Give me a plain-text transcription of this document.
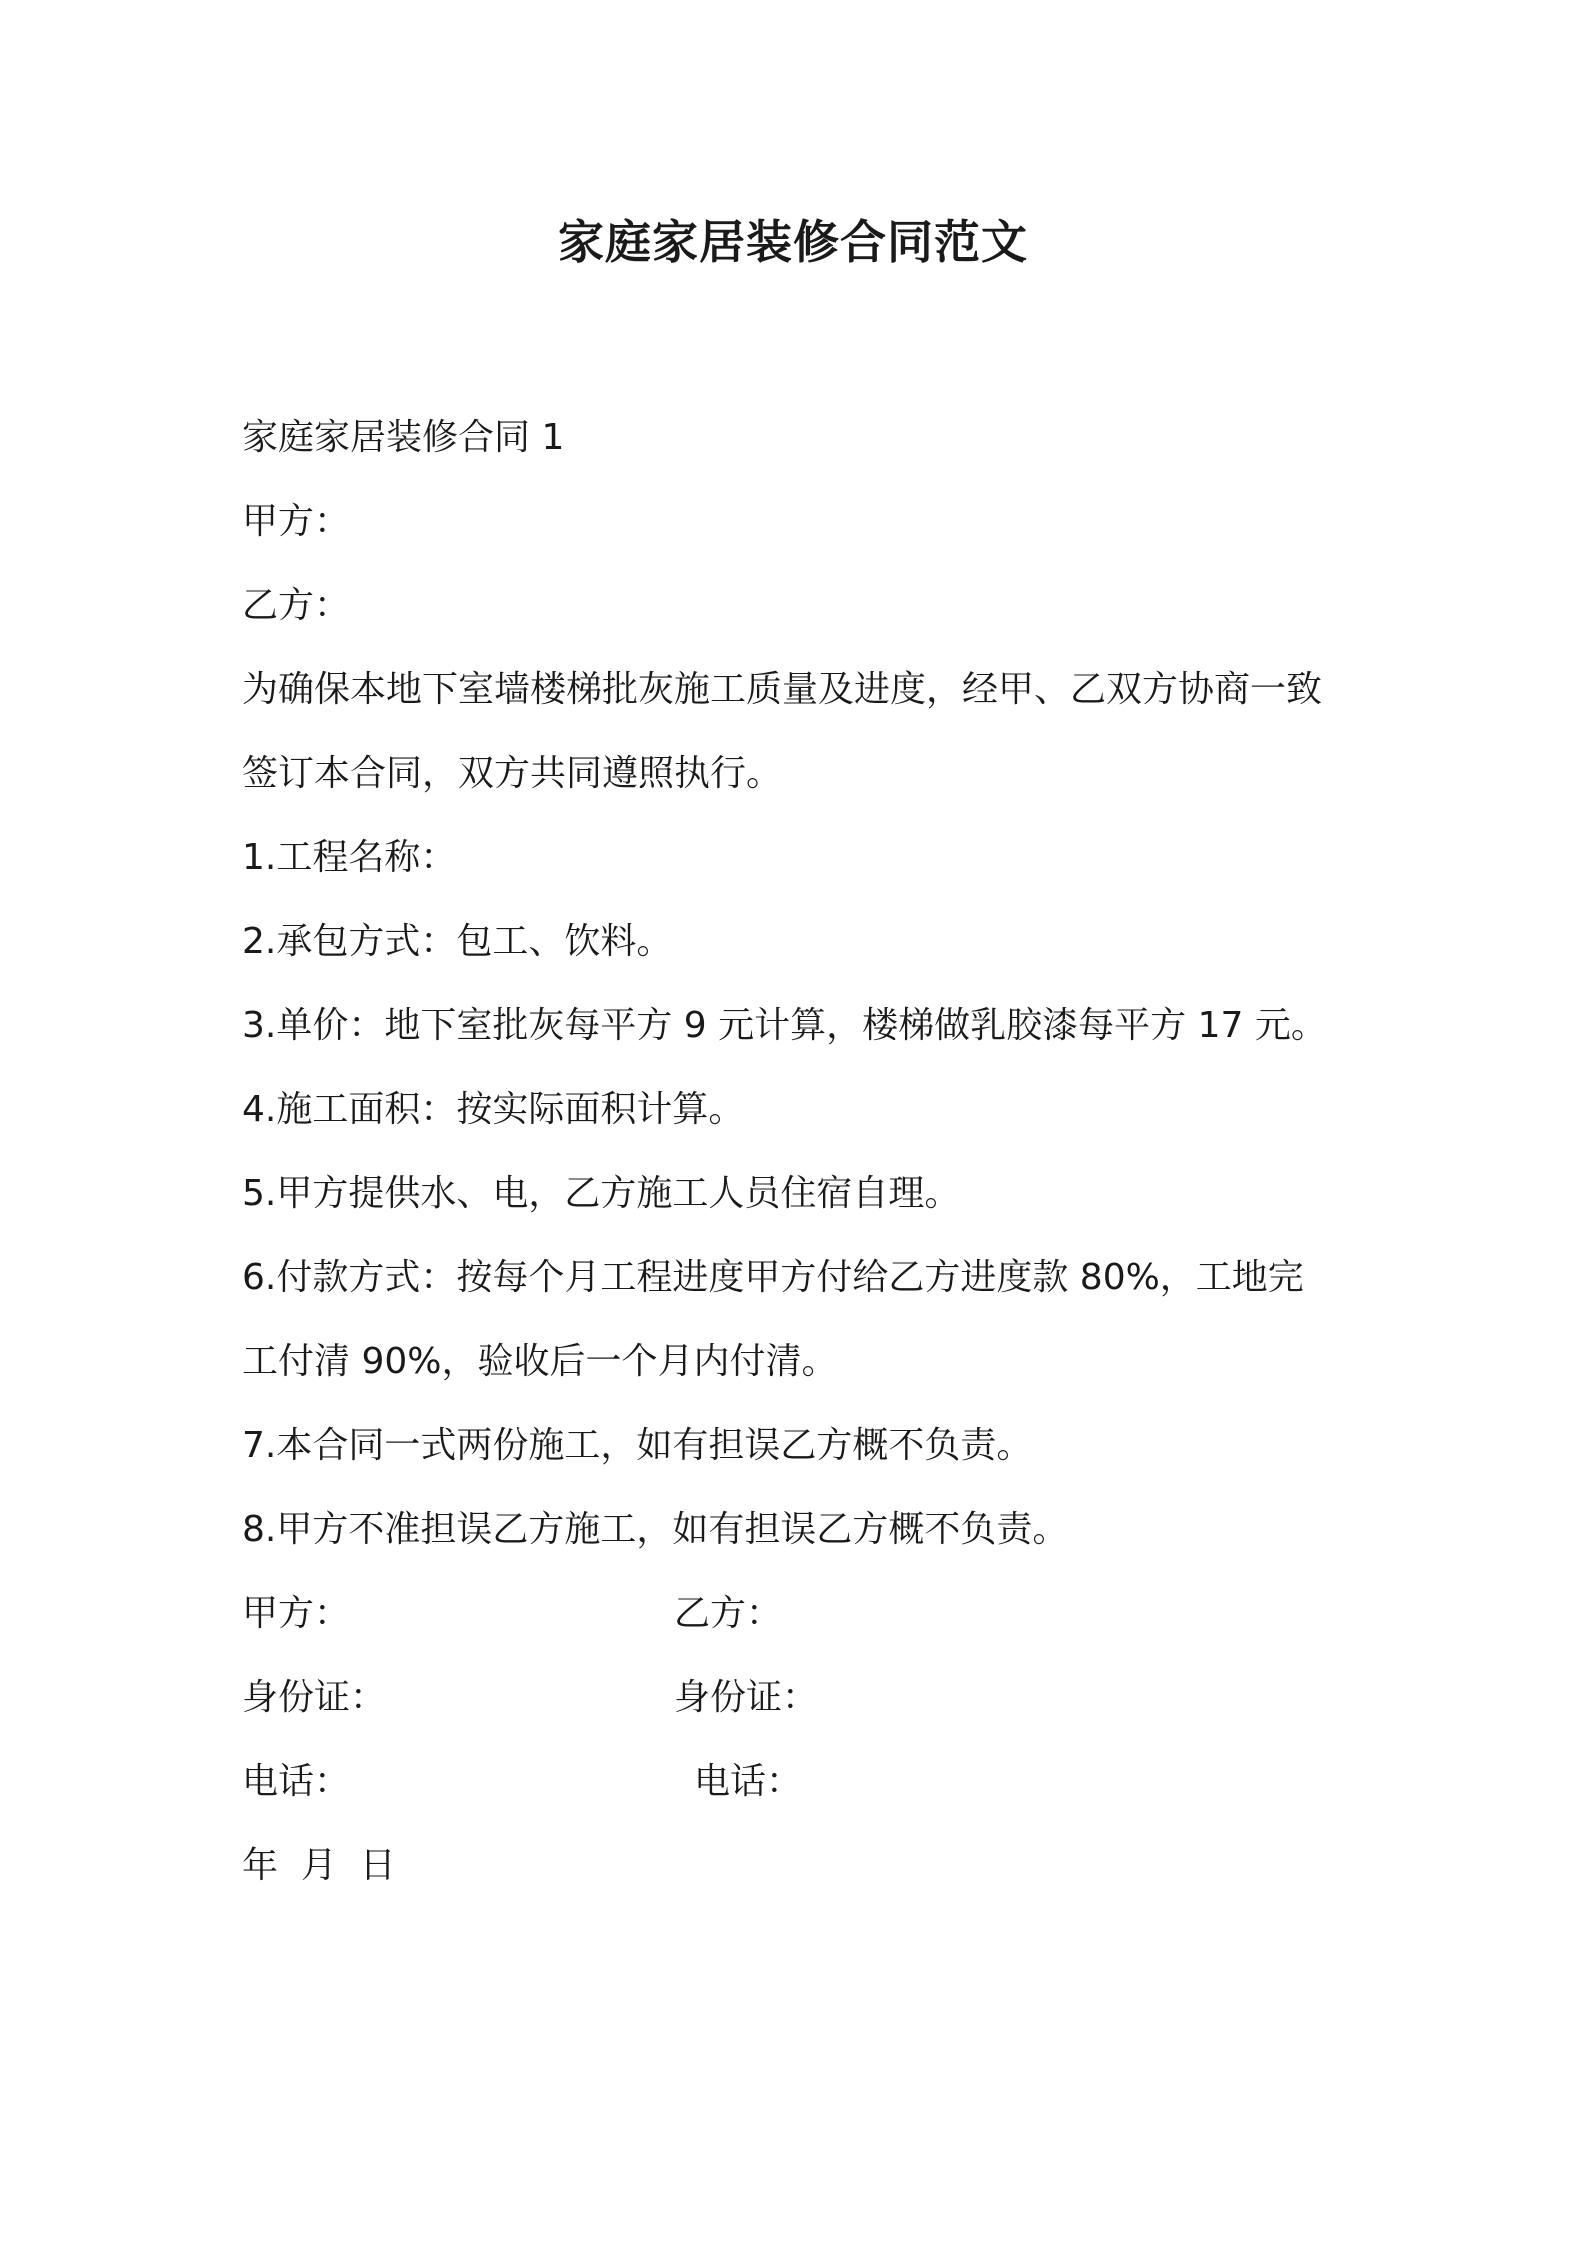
家庭家居装修合同范文
家庭家居装修合同 1
甲方：
乙方：
为确保本地下室墙楼梯批灰施工质量及进度，经甲、乙双方协商一致
签订本合同，双方共同遵照执行。
1.工程名称：
2.承包方式：包工、饮料。
3.单价：地下室批灰每平方 9 元计算，楼梯做乳胶漆每平方 17 元。
4.施工面积：按实际面积计算。
5.甲方提供水、电，乙方施工人员住宿自理。
6.付款方式：按每个月工程进度甲方付给乙方进度款 80%，工地完
工付清 90%，验收后一个月内付清。
7.本合同一式两份施工，如有担误乙方概不负责。
8.甲方不准担误乙方施工，如有担误乙方概不负责。
甲方：	乙方：
身份证：	身份证：
电话：	电话：
年  月  日
